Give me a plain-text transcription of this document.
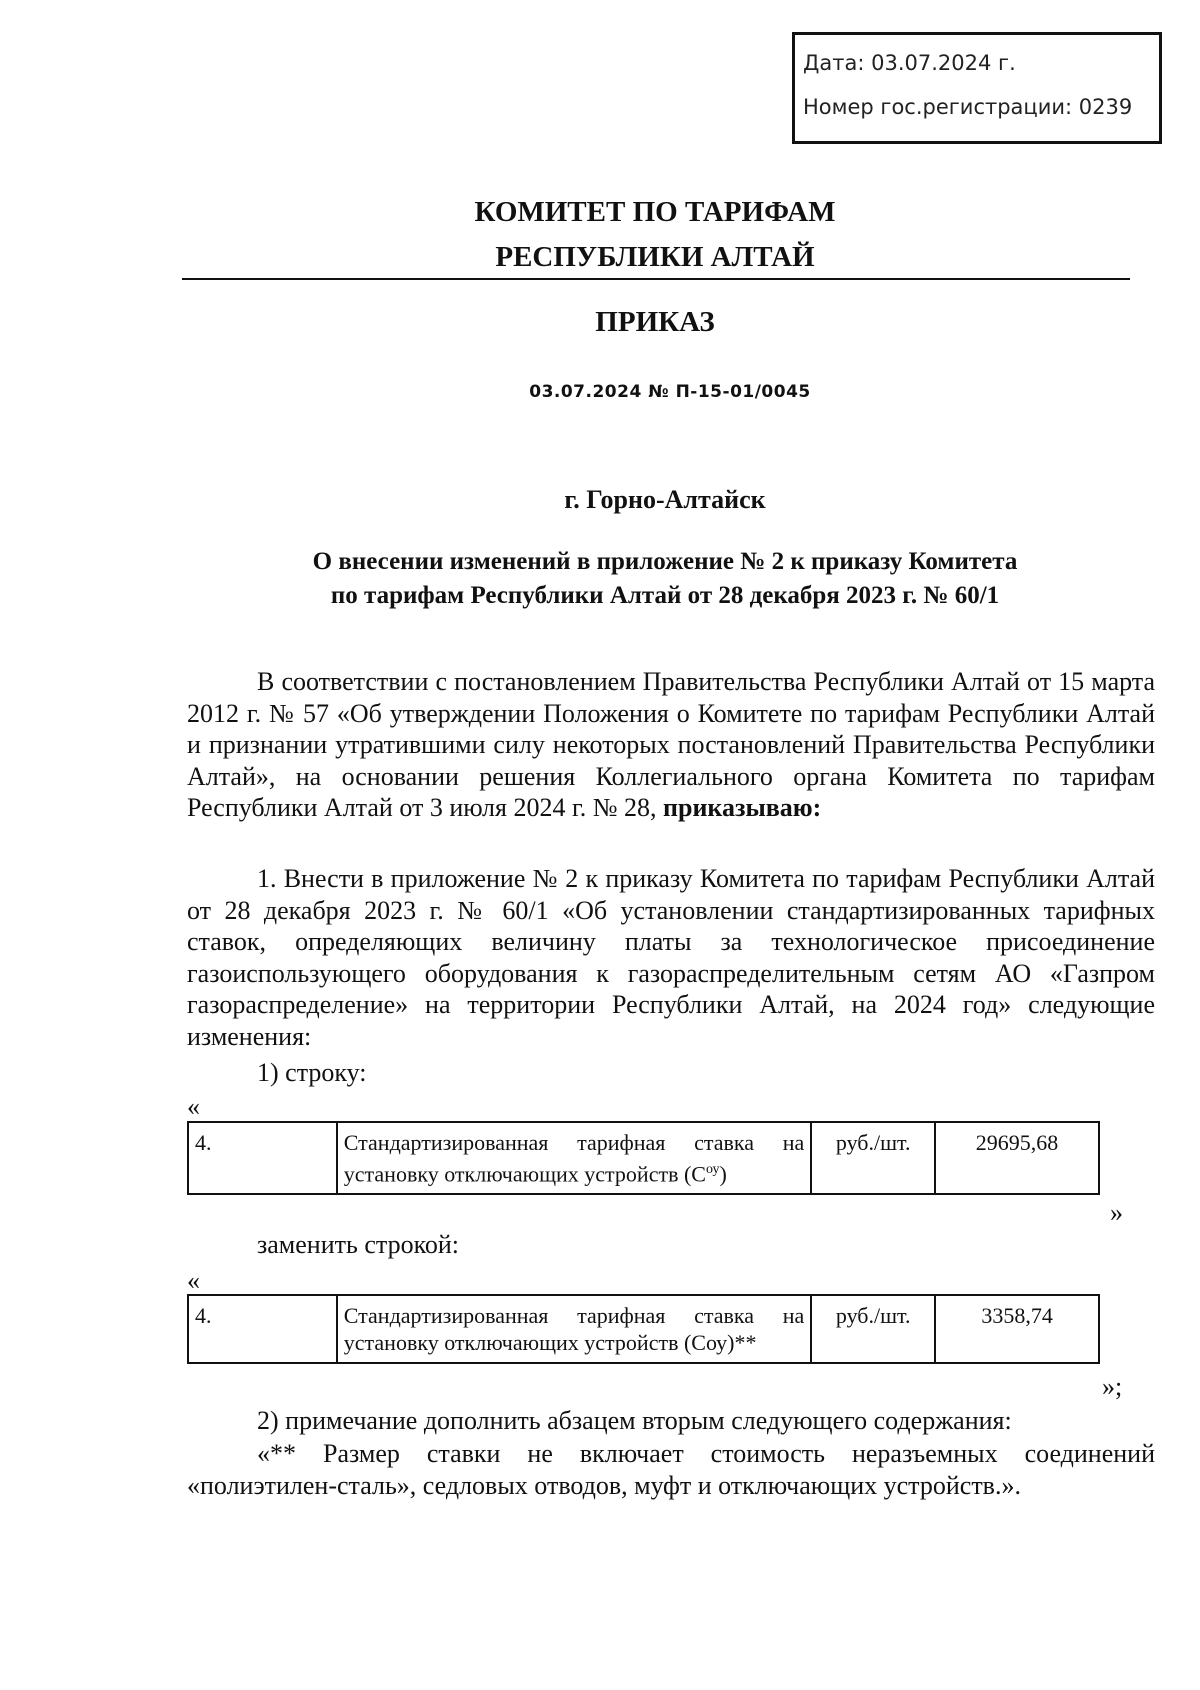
Дата: 03.07.2024 г.
Номер гос.регистрации: 0239
КОМИТЕТ ПО ТАРИФАМ
РЕСПУБЛИКИ АЛТАЙ
ПРИКАЗ
03.07.2024 № П-15-01/0045
г. Горно-Алтайск
О внесении изменений в приложение № 2 к приказу Комитета
по тарифам Республики Алтай от 28 декабря 2023 г. № 60/1
В соответствии с постановлением Правительства Республики Алтай от 15 марта 2012 г. № 57 «Об утверждении Положения о Комитете по тарифам Республики Алтай и признании утратившими силу некоторых постановлений Правительства Республики Алтай», на основании решения Коллегиального органа Комитета по тарифам Республики Алтай от 3 июля 2024 г. № 28, приказываю:
1. Внести в приложение № 2 к приказу Комитета по тарифам Республики Алтай от 28 декабря 2023 г. № 60/1 «Об установлении стандартизированных тарифных ставок, определяющих величину платы за технологическое присоединение газоиспользующего оборудования к газораспределительным сетям АО «Газпром газораспределение» на территории Республики Алтай, на 2024 год» следующие изменения:
1) строку:
«
4.	Стандартизированная тарифная ставка на установку отключающих устройств $(С^{оу})$	руб./шт.	29695,68
»
заменить строкой:
«
4.	Стандартизированная тарифная ставка на установку отключающих устройств (Соу)**	руб./шт.	3358,74
»;
2) примечание дополнить абзацем вторым следующего содержания:
«** Размер ставки не включает стоимость неразъемных соединений «полиэтилен-сталь», седловых отводов, муфт и отключающих устройств.».
